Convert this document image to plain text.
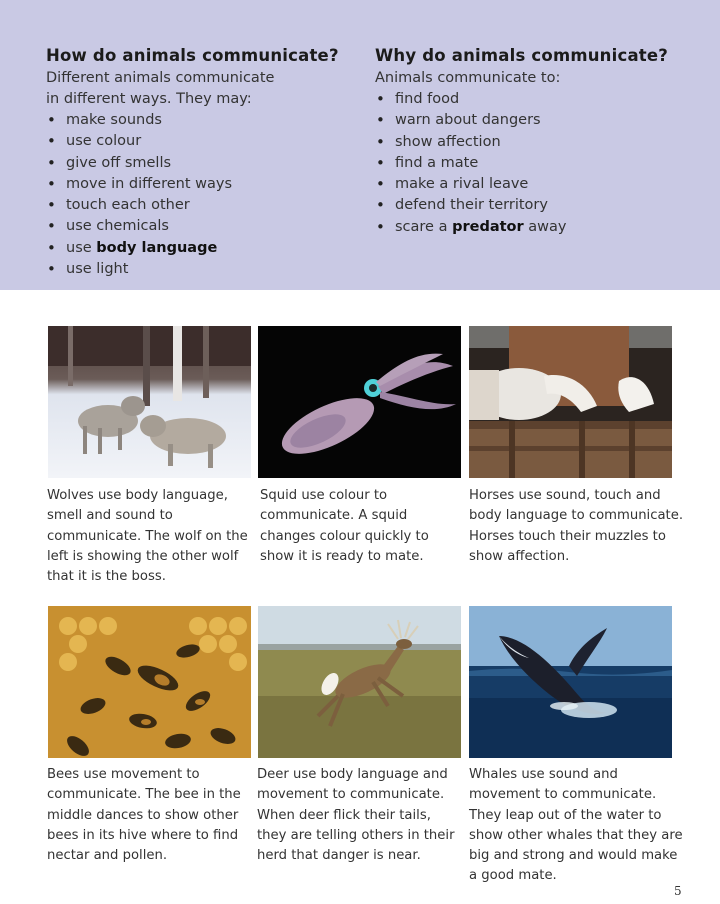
How do animals communicate?

Different animals communicate

in different ways. They may:

• make sounds
• use colour
• give off smells
• move in different ways
• touch each other
• use chemicals
• use body language
• use light
Why do animals communicate?

Animals communicate to:

• find food
• warn about dangers
• show affection
• find a mate
• make a rival leave
• defend their territory
• scare a predator away
Wolves use body language,
smell and sound to
communicate. The wolf on the
left is showing the other wolf
that it is the boss.
Squid use colour to
communicate. A squid
changes colour quickly to
show it is ready to mate.
Horses use sound, touch and
body language to communicate.
Horses touch their muzzles to
show affection.
Bees use movement to
communicate. The bee in the
middle dances to show other
bees in its hive where to find
nectar and pollen.
Deer use body language and
movement to communicate.
When deer flick their tails,
they are telling others in their
herd that danger is near.
Whales use sound and
movement to communicate.
They leap out of the water to
show other whales that they are
big and strong and would make
a good mate.
5
